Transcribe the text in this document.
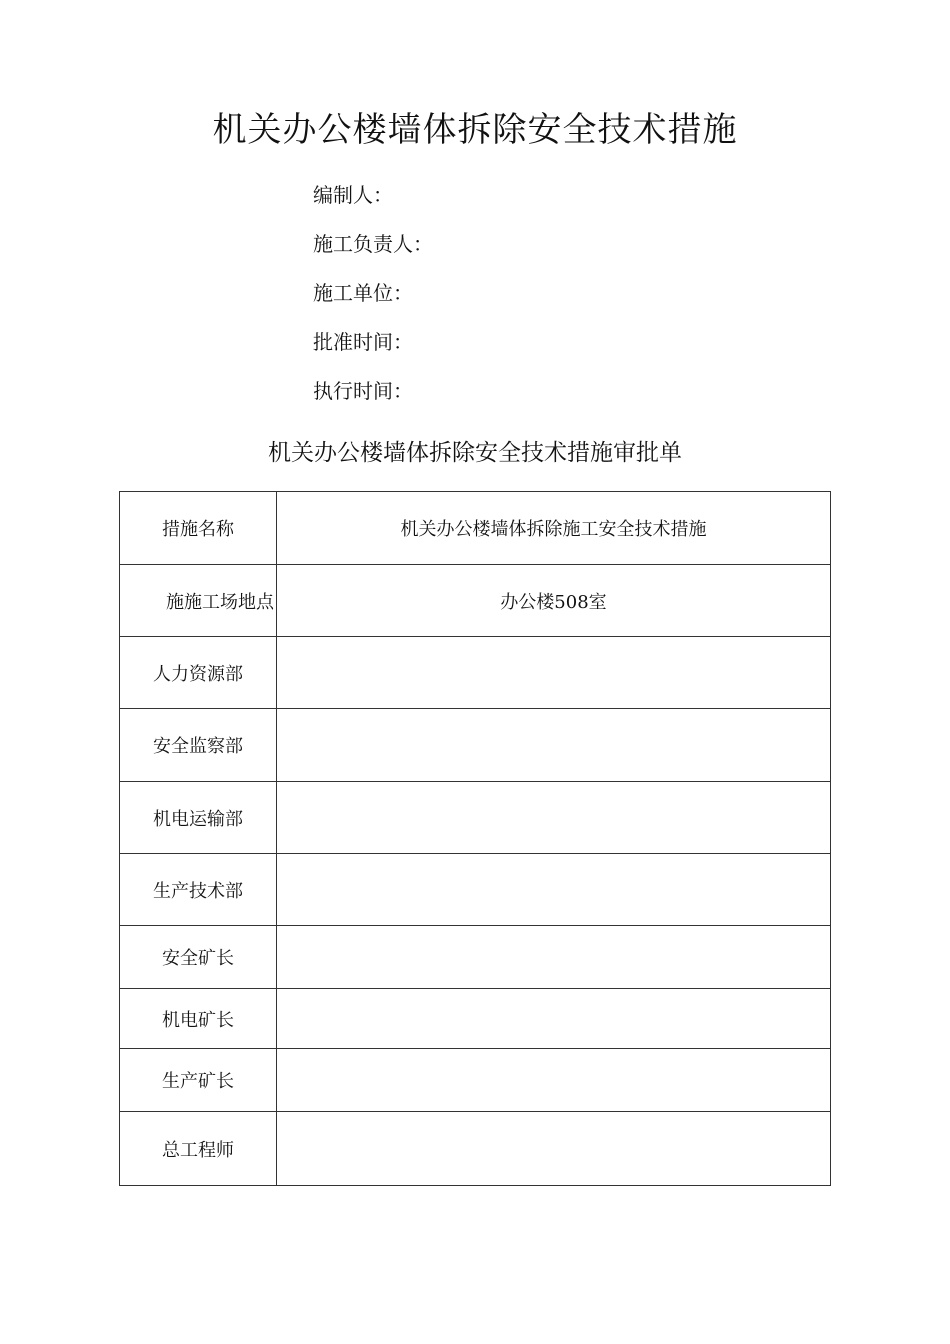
机关办公楼墙体拆除安全技术措施
编制人：
施工负责人：
施工单位：
批准时间：
执行时间：
机关办公楼墙体拆除安全技术措施审批单
措施名称	机关办公楼墙体拆除施工安全技术措施
施施工场地点	办公楼508室
人力资源部	
安全监察部	
机电运输部	
生产技术部	
安全矿长	
机电矿长	
生产矿长	
总工程师	
